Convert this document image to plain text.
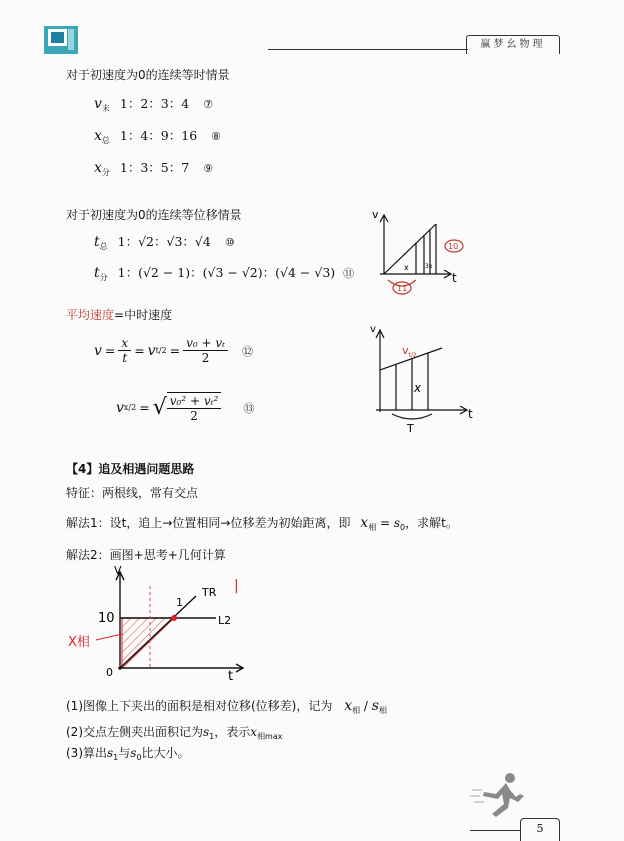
赢梦幺物理
对于初速度为0的连续等时情景
$v_末$ 1：2：3：4 ⑦
$x_总$ 1：4：9：16 ⑧
$x_分$ 1：3：5：7 ⑨
对于初速度为0的连续等位移情景
$t_总$ 1：√2：√3：√4 ⑩
$t_分$ 1：(√2 − 1)：(√3 − √2)：(√4 − √3) ⑪
v
t
x	3x
10
11
平均速度=中时速度
$v = \frac{x}{t} = v$ $t/2 = \frac{\text{v₀ + vₜ}}{2}$ ⑫
v x/2 = √ $\frac{\text{v₀² + vₜ²}}{2}$ ⑬
v
t
$v_{t/2}$
x
T
【4】追及相遇问题思路
特征：两根线，常有交点
解法1：设t，追上→位置相同→位移差为初始距离，即 $x_相 = s_0$，求解t。
解法2：画图+思考+几何计算
V
t
10
0
X相
1
TR
L2
|
(1)图像上下夹出的面积是相对位移(位移差)，记为 $x_相 / s_相$
(2)交点左侧夹出面积记为$s_1$，表示$x_{相max}$
(3)算出$s_1$与$s_0$比大小。
5
